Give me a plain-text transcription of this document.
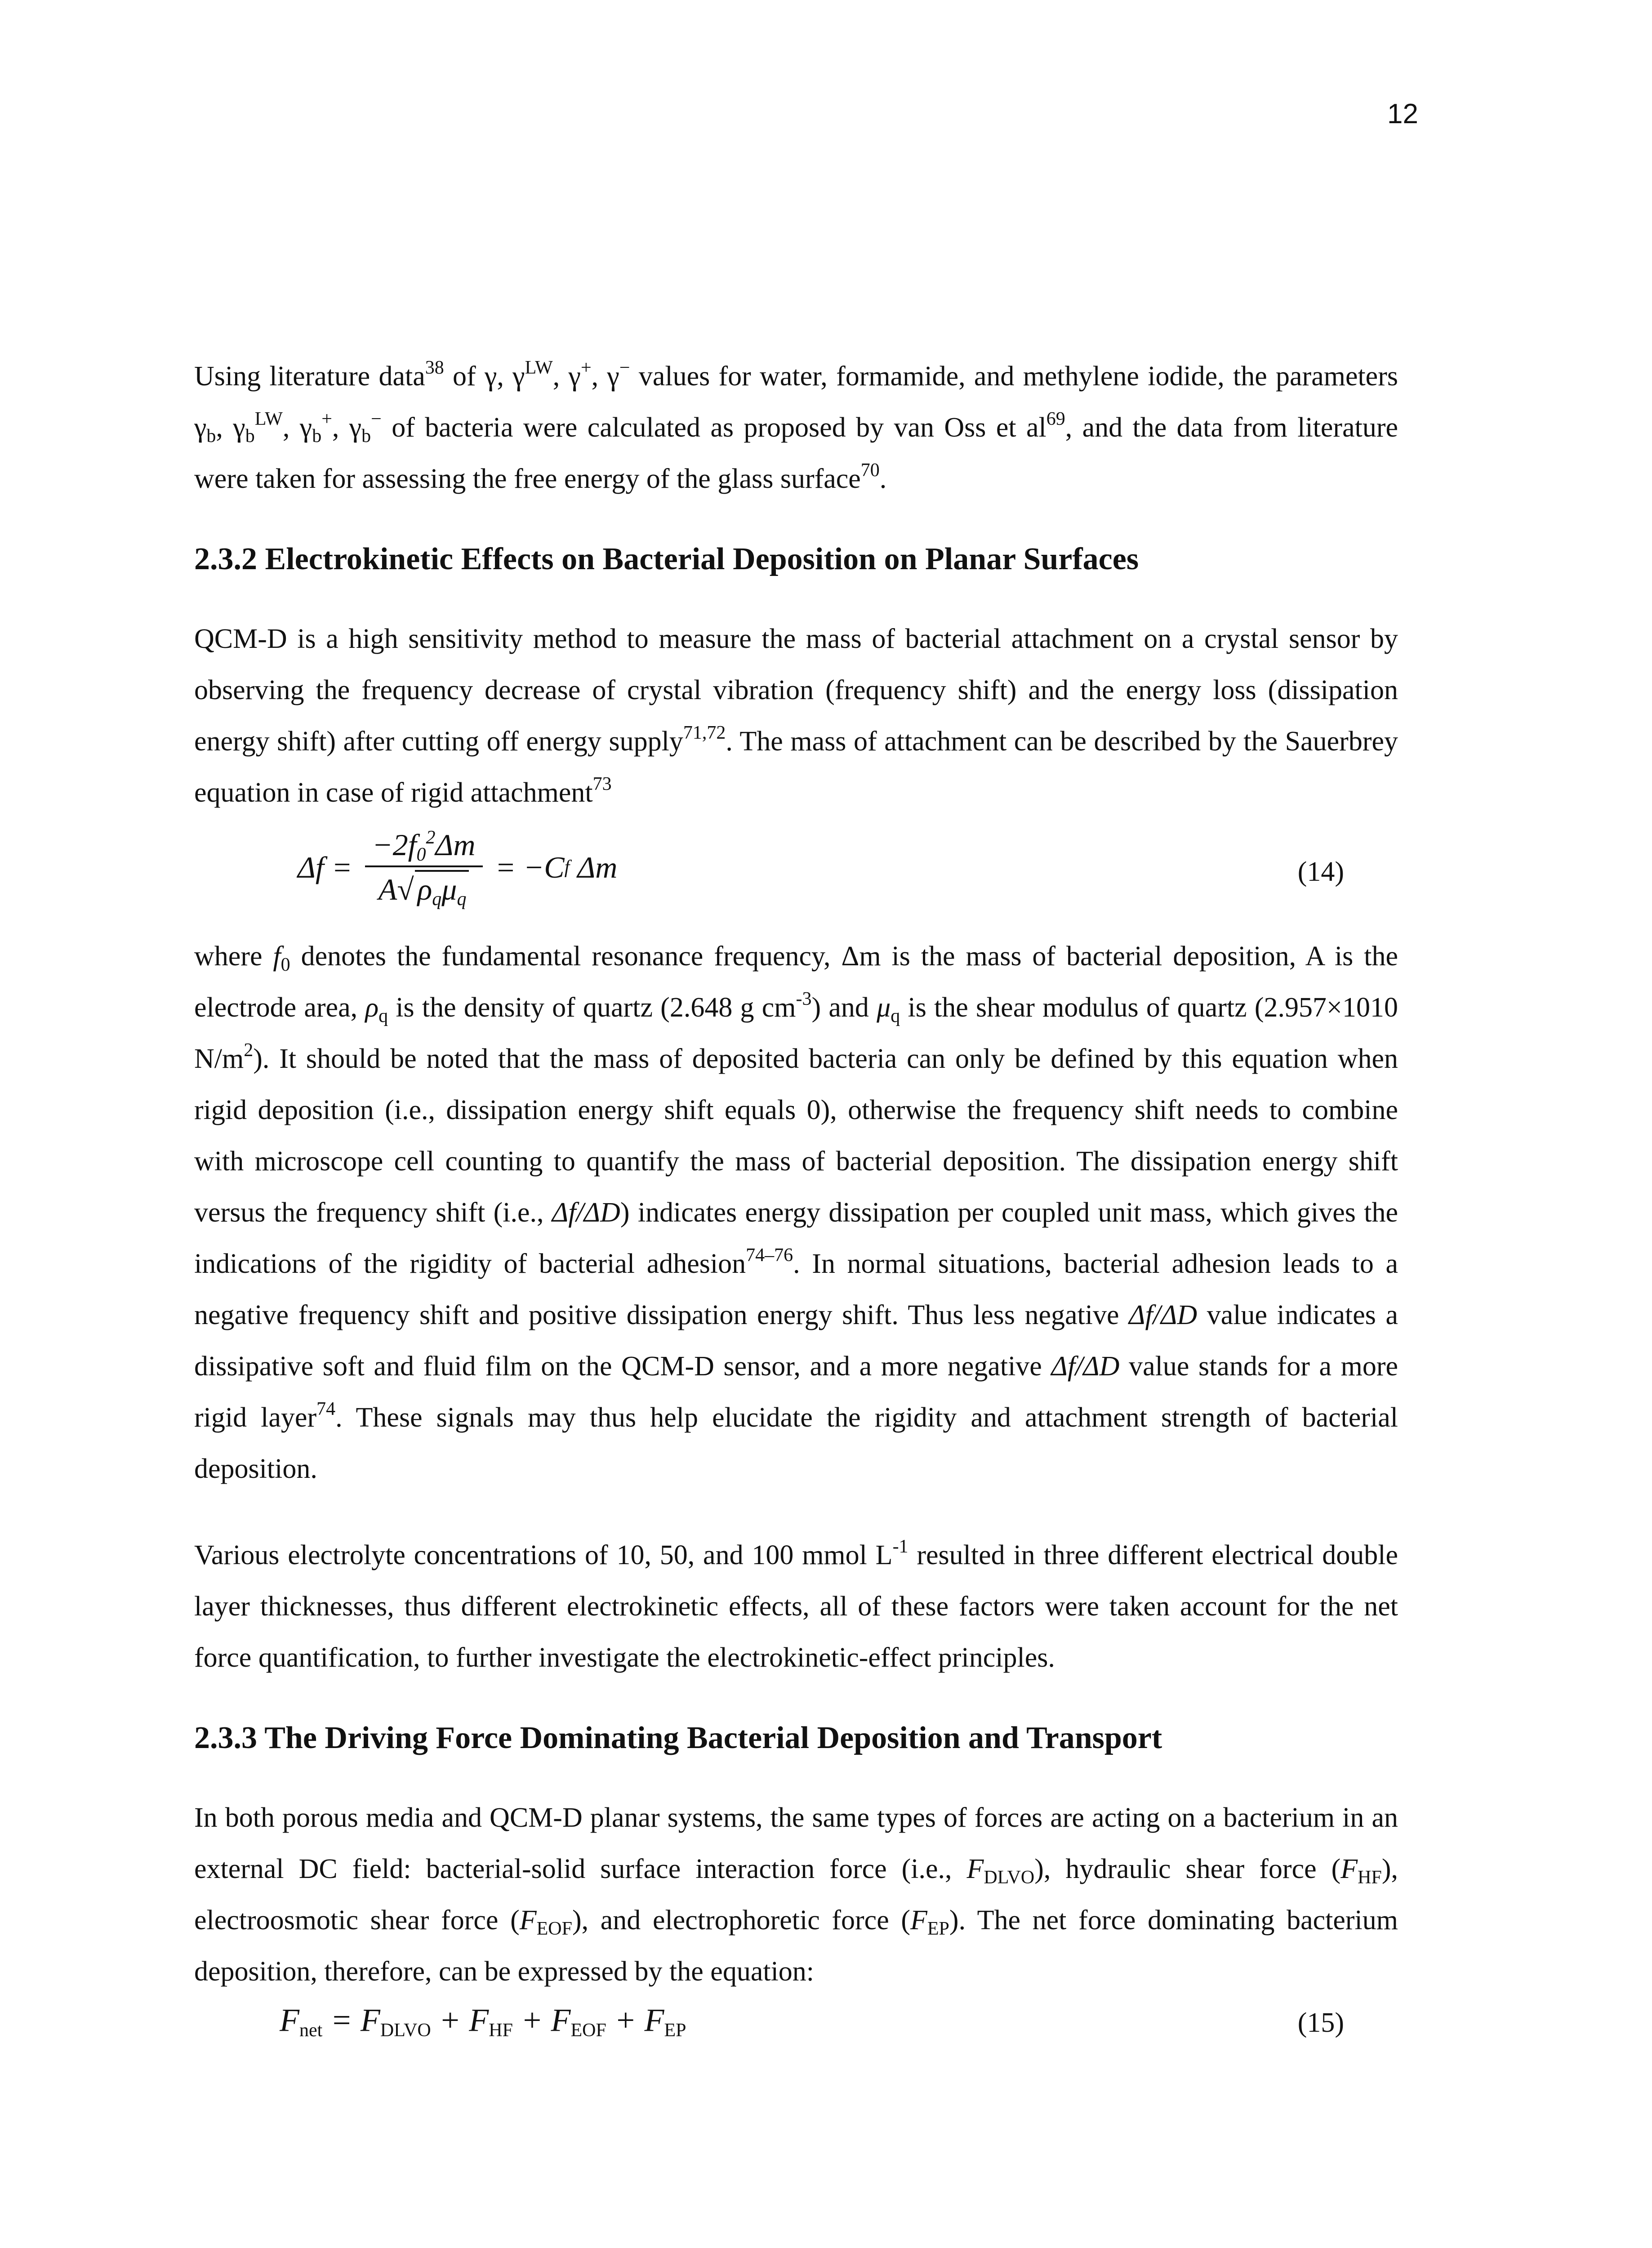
12

Using literature data$^{38}$ of γ, $\gamma^{LW}$, γ+, γ− values for water, formamide, and methylene iodide, the parameters $\gamma_b$, $\gamma_b^{LW}$, $\gamma_b^+$, $\gamma_b^-$ of bacteria were calculated as proposed by van Oss et $al^{69}$, and the data from literature were taken for assessing the free energy of the glass surface$^{70}$.

2.3.2 Electrokinetic Effects on Bacterial Deposition on Planar Surfaces

QCM-D is a high sensitivity method to measure the mass of bacterial attachment on a crystal sensor by observing the frequency decrease of crystal vibration (frequency shift) and the energy loss (dissipation energy shift) after cutting off energy supply$^{71,72}$. The mass of attachment can be described by the Sauerbrey equation in case of rigid attachment$^{73}$

$\Delta f = \frac{-2f_0^2\Delta m}{A√ \rho_q\mu_q} = -C$ f
Δm	(14)

where $f_0$ denotes the fundamental resonance frequency, Δm is the mass of bacterial deposition, A is the electrode area, $\rho_q$ is the density of quartz (2.648 g $cm^{-3}$) and $\mu_q$ is the shear modulus of quartz (2.957×1010 $N/m^2$). It should be noted that the mass of deposited bacteria can only be defined by this equation when rigid deposition (i.e., dissipation energy shift equals 0), otherwise the frequency shift needs to combine with microscope cell counting to quantify the mass of bacterial deposition. The dissipation energy shift versus the frequency shift (i.e., Δf/ΔD) indicates energy dissipation per coupled unit mass, which gives the indications of the rigidity of bacterial adhesion$^{74-76}$. In normal situations, bacterial adhesion leads to a negative frequency shift and positive dissipation energy shift. Thus less negative Δf/ΔD value indicates a dissipative soft and fluid film on the QCM-D sensor, and a more negative Δf/ΔD value stands for a more rigid layer$^{74}$. These signals may thus help elucidate the rigidity and attachment strength of bacterial deposition.

Various electrolyte concentrations of 10, 50, and 100 mmol $L^{-1}$ resulted in three different electrical double layer thicknesses, thus different electrokinetic effects, all of these factors were taken account for the net force quantification, to further investigate the electrokinetic-effect principles.

2.3.3 The Driving Force Dominating Bacterial Deposition and Transport

In both porous media and QCM-D planar systems, the same types of forces are acting on a bacterium in an external DC field: bacterial-solid surface interaction force (i.e., $F_{DLVO}$), hydraulic shear force $(F_{HF})$, electroosmotic shear force $(F_{EOF})$, and electrophoretic force $(F_{EP})$. The net force dominating bacterium deposition, therefore, can be expressed by the equation:

$F_{net} = F_{DLVO} + F_{HF} + F_{EOF} + F_{EP}$	(15)
